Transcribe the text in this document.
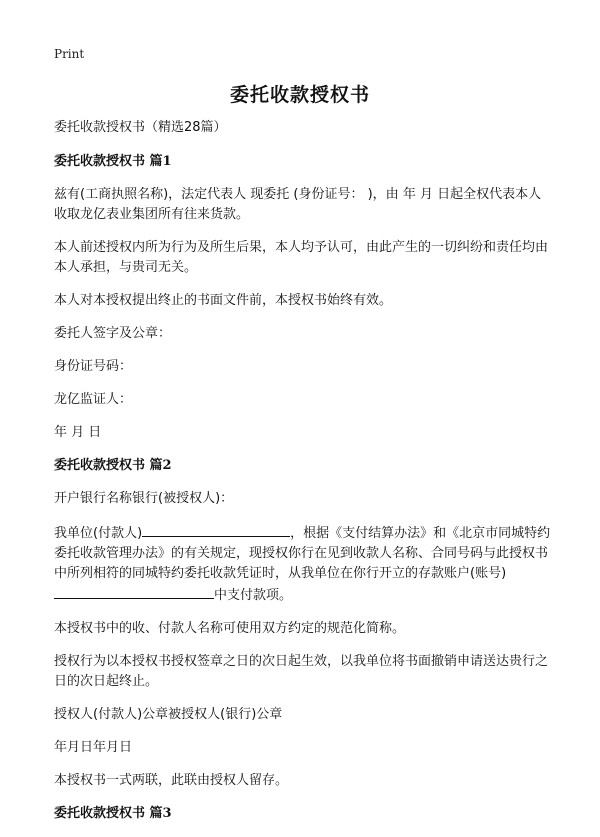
Print
委托收款授权书
委托收款授权书（精选28篇）
委托收款授权书 篇1
兹有(工商执照名称)，法定代表人 现委托 (身份证号： )，由 年 月 日起全权代表本人收取龙亿表业集团所有往来货款。
本人前述授权内所为行为及所生后果，本人均予认可，由此产生的一切纠纷和责任均由本人承担，与贵司无关。
本人对本授权提出终止的书面文件前，本授权书始终有效。
委托人签字及公章：
身份证号码：
龙亿监证人：
年 月 日
委托收款授权书 篇2
开户银行名称银行(被授权人)：
我单位(付款人)	，根据《支付结算办法》和《北京市同城特约委托收款管理办法》的有关规定，现授权你行在见到收款人名称、合同号码与此授权书中所列相符的同城特约委托收款凭证时，从我单位在你行开立的存款账户(账号)中支付款项。
本授权书中的收、付款人名称可使用双方约定的规范化简称。
授权行为以本授权书授权签章之日的次日起生效，以我单位将书面撤销申请送达贵行之日的次日起终止。
授权人(付款人)公章被授权人(银行)公章
年月日年月日
本授权书一式两联，此联由授权人留存。
委托收款授权书 篇3
